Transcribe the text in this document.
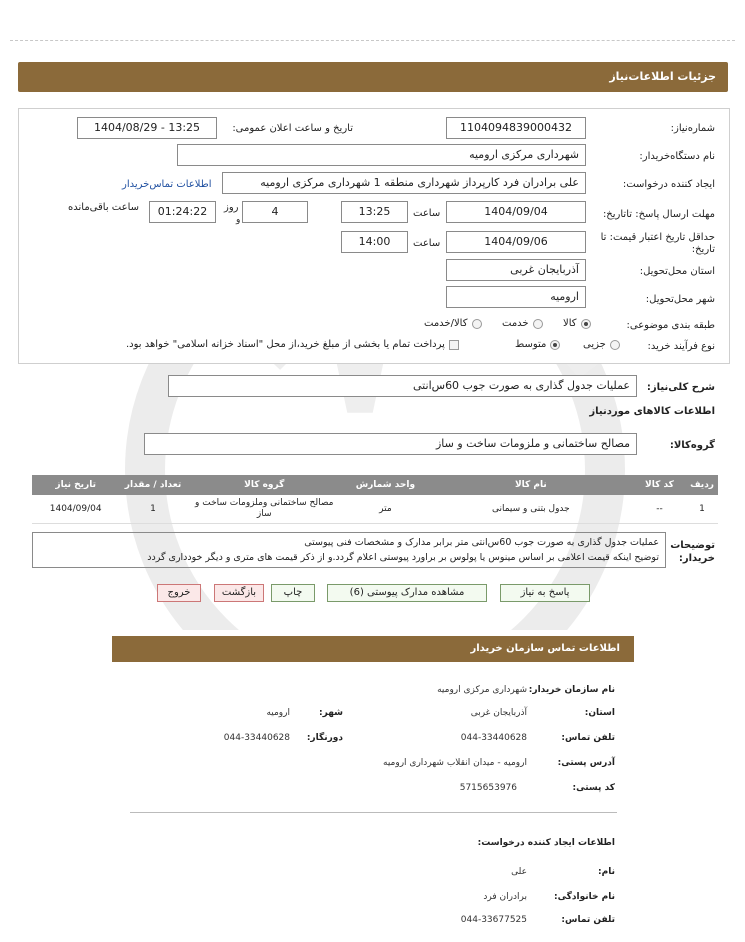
جزئیات اطلاعات‌نیاز
شماره‌نیاز:
1104094839000432
تاریخ و ساعت اعلان عمومی:
1404/08/29 - 13:25
نام دستگاه‌خریدار:
شهرداری مرکزی ارومیه
ایجاد کننده درخواست:
علی برادران فرد کارپرداز شهرداری منطقه 1 شهرداری مرکزی ارومیه
اطلاعات تماس‌خریدار
مهلت ارسال پاسخ: تاتاریخ:
1404/09/04
ساعت
13:25
4
روز
و
01:24:22
ساعت باقی‌مانده
حداقل تاریخ اعتبار قیمت: تا
تاریخ:
1404/09/06
ساعت
14:00
استان محل‌تحویل:
آذربایجان غربی
شهر محل‌تحویل:
ارومیه
طبقه بندی موضوعی:
کالا
خدمت
کالا/خدمت
نوع فرآیند خرید:
جزیی
متوسط
پرداخت تمام یا بخشی از مبلغ خرید،از محل "اسناد خزانه اسلامی" خواهد بود.
شرح کلی‌نیاز:
عملیات جدول گذاری به صورت جوب 60س‌انتی
اطلاعات کالاهای موردنیاز
گروه‌کالا:
مصالح ساختمانی و ملزومات ساخت و ساز
ردیف	کد کالا	نام کالا	واحد شمارش	گروه کالا	تعداد / مقدار	تاریخ نیاز
1	--	جدول بتنی و سیمانی	متر	مصالح ساختمانی وملزومات ساخت و ساز	1	1404/09/04
توضیحات
خریدار:
عملیات جدول گذاری به صورت جوب 60س‌انتی متر برابر مدارک و مشخصات فنی پیوستی
توضیح اینکه قیمت اعلامی بر اساس مینوس یا پولوس بر براورد پیوستی اعلام گردد.و از ذکر قیمت های متری و دیگر خودداری گردد
پاسخ به نیاز
مشاهده مدارک پیوستی (6)
چاپ
بازگشت
خروج
اطلاعات تماس سازمان خریدار
نام سازمان خریدار:
شهرداری مرکزی ارومیه
استان:
آذربایجان غربی
تلفن تماس:
044-33440628
شهر:
ارومیه
دورنگار:
044-33440628
آدرس پستی:
ارومیه - میدان انقلاب شهرداری ارومیه
کد پستی:
5715653976
اطلاعات ایجاد کننده درخواست:
نام:
علی
نام خانوادگی:
برادران فرد
تلفن تماس:
044-33677525
